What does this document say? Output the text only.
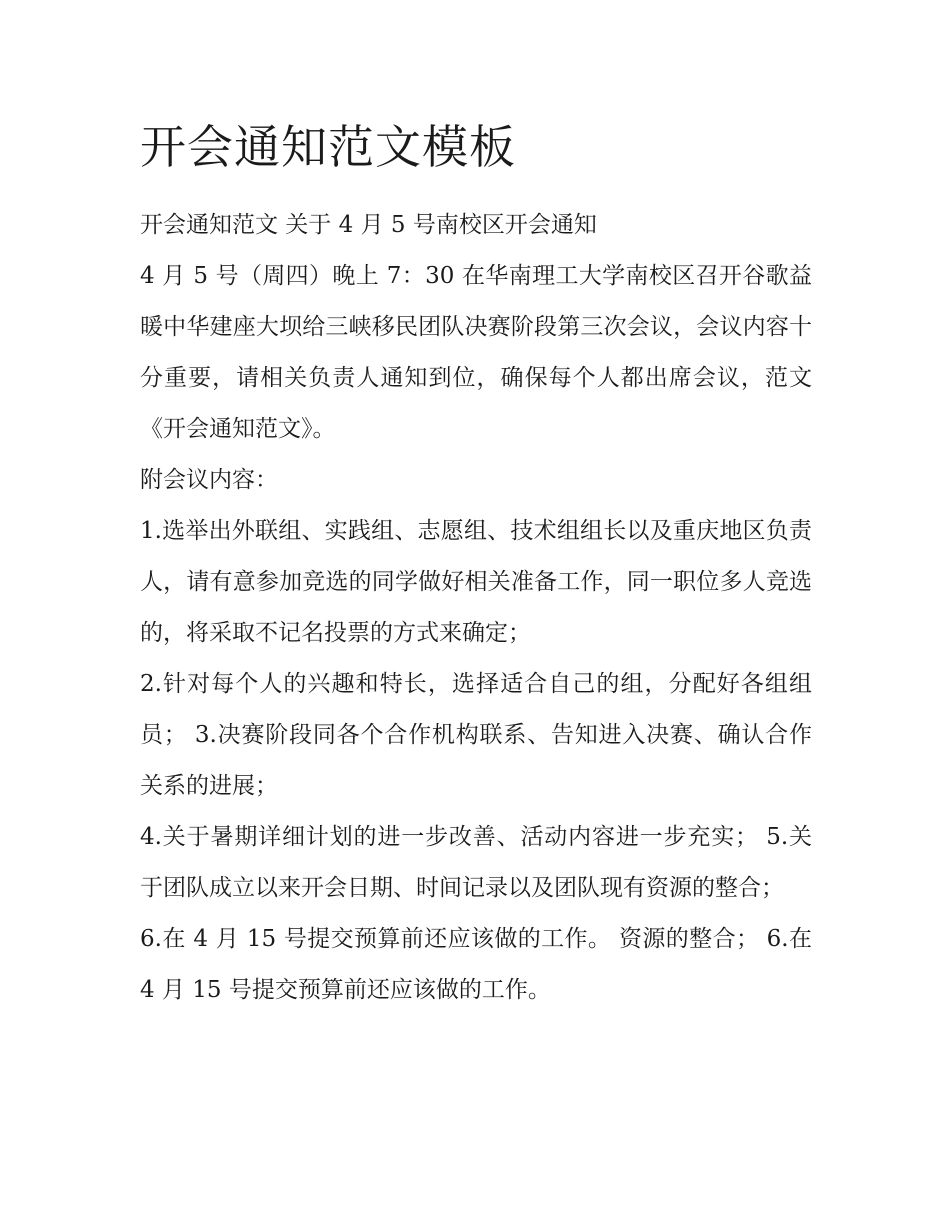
开会通知范文模板

开会通知范文 关于 4 月 5 号南校区开会通知

4 月 5 号（周四）晚上 7：30 在华南理工大学南校区召开谷歌益暖中华建座大坝给三峡移民团队决赛阶段第三次会议，会议内容十分重要，请相关负责人通知到位，确保每个人都出席会议，范文《开会通知范文》。

附会议内容：

1.选举出外联组、实践组、志愿组、技术组组长以及重庆地区负责人，请有意参加竞选的同学做好相关准备工作，同一职位多人竞选的，将采取不记名投票的方式来确定；

2.针对每个人的兴趣和特长，选择适合自己的组，分配好各组组员； 3.决赛阶段同各个合作机构联系、告知进入决赛、确认合作关系的进展；

4.关于暑期详细计划的进一步改善、活动内容进一步充实； 5.关于团队成立以来开会日期、时间记录以及团队现有资源的整合；

6.在 4 月 15 号提交预算前还应该做的工作。 资源的整合； 6.在 4 月 15 号提交预算前还应该做的工作。
